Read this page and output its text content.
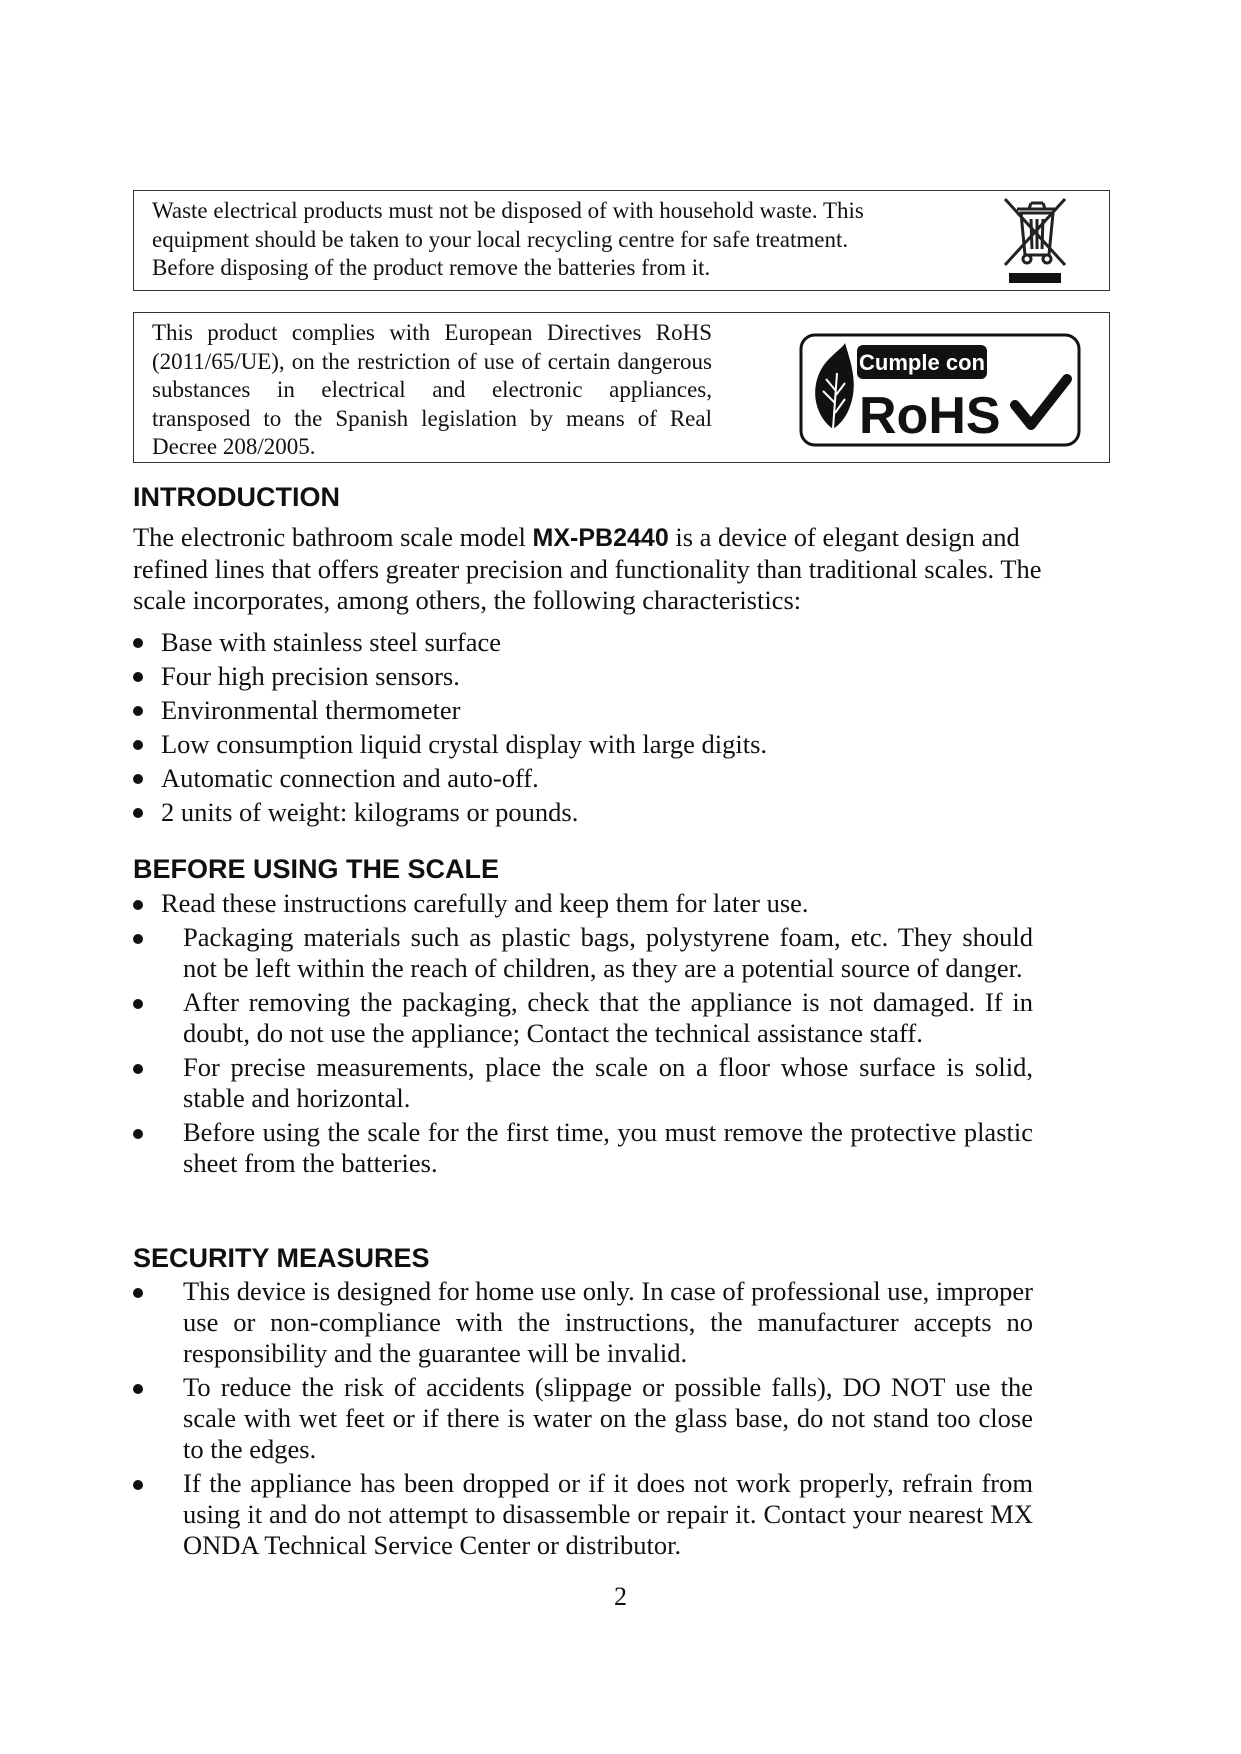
Waste electrical products must not be disposed of with household waste. This equipment should be taken to your local recycling centre for safe treatment. Before disposing of the product remove the batteries from it.
This product complies with European Directives RoHS (2011/65/UE), on the restriction of use of certain dangerous substances in electrical and electronic appliances, transposed to the Spanish legislation by means of Real Decree 208/2005.
Cumple con
RoHS
INTRODUCTION
The electronic bathroom scale model MX-PB2440 is a device of elegant design and refined lines that offers greater precision and functionality than traditional scales. The scale incorporates, among others, the following characteristics:
Base with stainless steel surface
Four high precision sensors.
Environmental thermometer
Low consumption liquid crystal display with large digits.
Automatic connection and auto-off.
2 units of weight: kilograms or pounds.
BEFORE USING THE SCALE
Read these instructions carefully and keep them for later use.
Packaging materials such as plastic bags, polystyrene foam, etc. They should not be left within the reach of children, as they are a potential source of danger.
After removing the packaging, check that the appliance is not damaged. If in doubt, do not use the appliance; Contact the technical assistance staff.
For precise measurements, place the scale on a floor whose surface is solid, stable and horizontal.
Before using the scale for the first time, you must remove the protective plastic sheet from the batteries.
SECURITY MEASURES
This device is designed for home use only. In case of professional use, improper use or non-compliance with the instructions, the manufacturer accepts no responsibility and the guarantee will be invalid.
To reduce the risk of accidents (slippage or possible falls), DO NOT use the scale with wet feet or if there is water on the glass base, do not stand too close to the edges.
If the appliance has been dropped or if it does not work properly, refrain from using it and do not attempt to disassemble or repair it. Contact your nearest MX ONDA Technical Service Center or distributor.
2
